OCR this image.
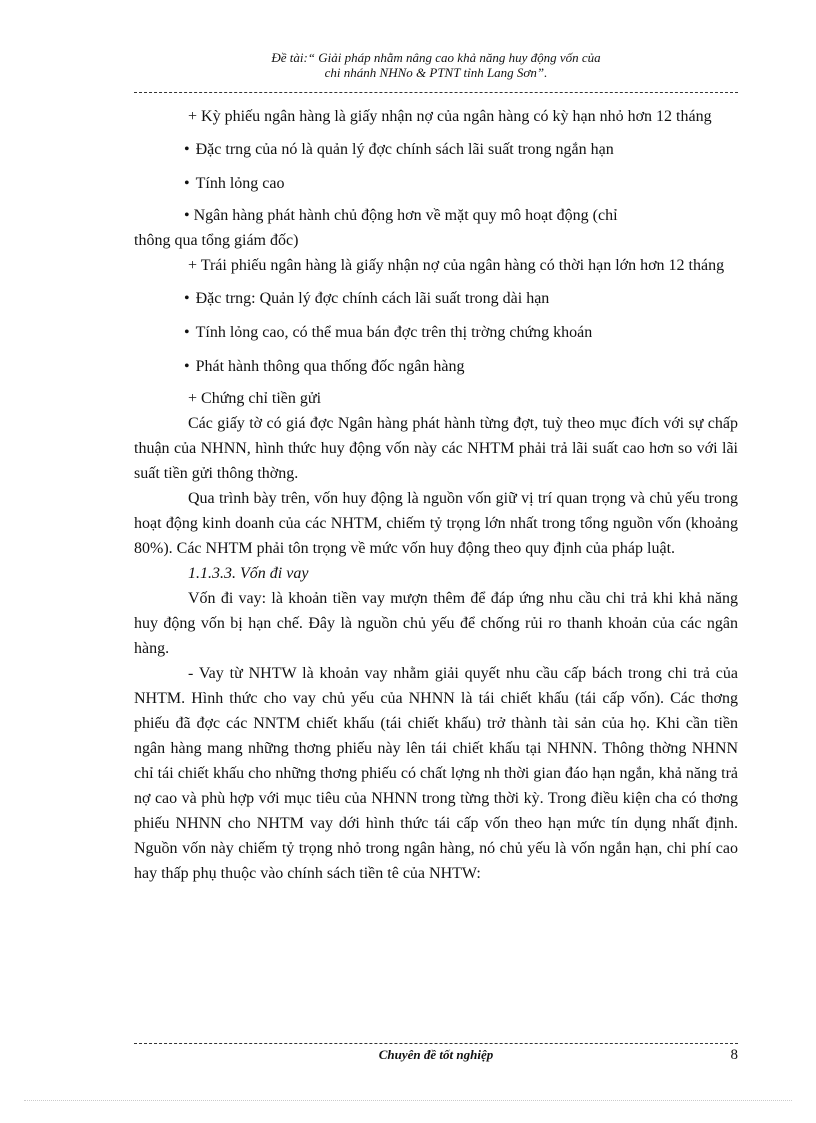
Đề tài:“ Giải pháp nhằm nâng cao khả năng huy động vốn của
chi nhánh NHNo & PTNT tỉnh Lang Sơn”.

+ Kỳ phiếu ngân hàng là giấy nhận nợ của ngân hàng có kỳ hạn nhỏ hơn 12 tháng

• Đặc trng của nó là quản lý đợc chính sách lãi suất trong ngắn hạn

• Tính lỏng cao

• Ngân hàng phát hành chủ động hơn về mặt quy mô hoạt động (chỉ
thông qua tổng giám đốc)

+ Trái phiếu ngân hàng là giấy nhận nợ của ngân hàng có thời hạn lớn hơn 12 tháng

• Đặc trng: Quản lý đợc chính cách lãi suất trong dài hạn

• Tính lỏng cao, có thể mua bán đợc trên thị trờng chứng khoán

• Phát hành thông qua thống đốc ngân hàng

+ Chứng chỉ tiền gửi

Các giấy tờ có giá đợc Ngân hàng phát hành từng đợt, tuỳ theo mục đích với sự chấp thuận của NHNN, hình thức huy động vốn này các NHTM phải trả lãi suất cao hơn so với lãi suất tiền gửi thông thờng.

Qua trình bày trên, vốn huy động là nguồn vốn giữ vị trí quan trọng và chủ yếu trong hoạt động kinh doanh của các NHTM, chiếm tỷ trọng lớn nhất trong tổng nguồn vốn (khoảng 80%). Các NHTM phải tôn trọng về mức vốn huy động theo quy định của pháp luật.

1.1.3.3. Vốn đi vay

Vốn đi vay: là khoản tiền vay mượn thêm để đáp ứng nhu cầu chi trả khi khả năng huy động vốn bị hạn chế. Đây là nguồn chủ yếu để chống rủi ro thanh khoản của các ngân hàng.

- Vay từ NHTW là khoản vay nhằm giải quyết nhu cầu cấp bách trong chi trả của NHTM. Hình thức cho vay chủ yếu của NHNN là tái chiết khấu (tái cấp vốn). Các thơng phiếu đã đợc các NNTM chiết khấu (tái chiết khấu) trở thành tài sản của họ. Khi cần tiền ngân hàng mang những thơng phiếu này lên tái chiết khấu tại NHNN. Thông thờng NHNN chỉ tái chiết khấu cho những thơng phiếu có chất lợng nh thời gian đáo hạn ngắn, khả năng trả nợ cao và phù hợp với mục tiêu của NHNN trong từng thời kỳ. Trong điều kiện cha có thơng phiếu NHNN cho NHTM vay dới hình thức tái cấp vốn theo hạn mức tín dụng nhất định. Nguồn vốn này chiếm tỷ trọng nhỏ trong ngân hàng, nó chủ yếu là vốn ngắn hạn, chi phí cao hay thấp phụ thuộc vào chính sách tiền tê của NHTW:

Chuyên đề tốt nghiệp	8
